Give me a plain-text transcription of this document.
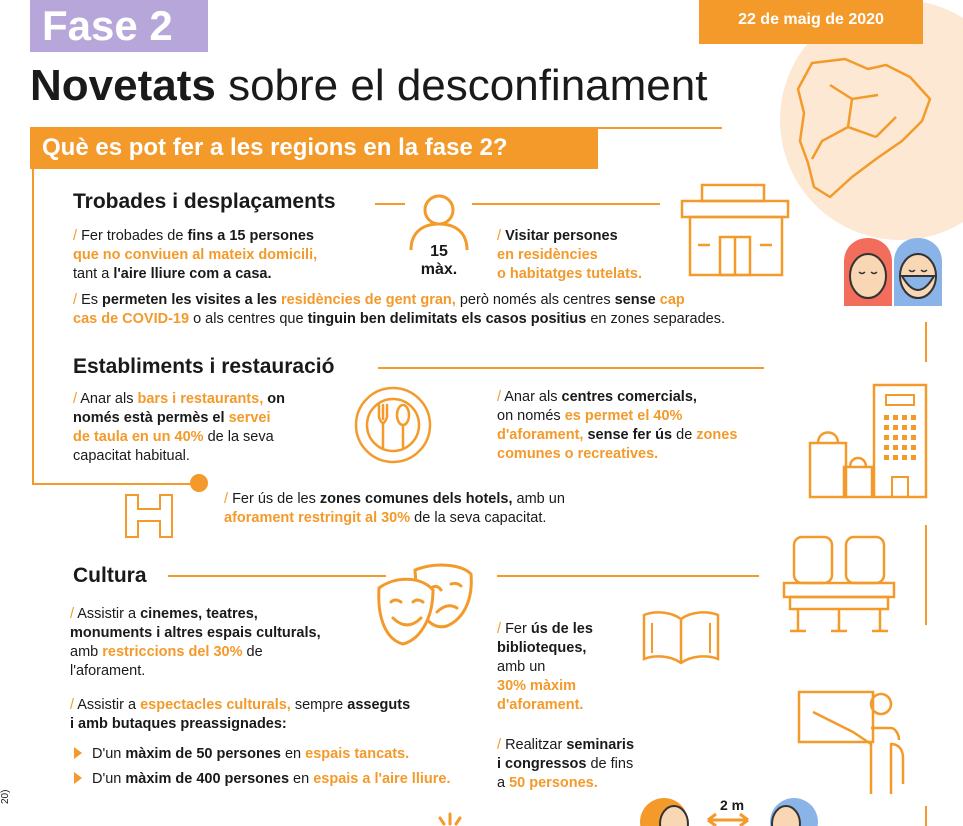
Fase 2	22 de maig de 2020
Novetats sobre el desconfinament
Què es pot fer a les regions en la fase 2?
Trobades i desplaçaments
15
màx.
/ Fer trobades de fins a 15 persones
que no conviuen al mateix domicili,
tant a l'aire lliure com a casa.
/ Visitar persones
en residències
o habitatges tutelats.
/ Es permeten les visites a les residències de gent gran, però només als centres sense cap
cas de COVID-19 o als centres que tinguin ben delimitats els casos positius en zones separades.
Establiments i restauració
/ Anar als bars i restaurants, on
només està permès el servei
de taula en un 40% de la seva
capacitat habitual.
/ Anar als centres comercials,
on només es permet el 40%
d'aforament, sense fer ús de zones
comunes o recreatives.
/ Fer ús de les zones comunes dels hotels, amb un
aforament restringit al 30% de la seva capacitat.
Cultura
/ Assistir a cinemes, teatres,
monuments i altres espais culturals,
amb restriccions del 30% de
l'aforament.
/ Assistir a espectacles culturals, sempre asseguts
i amb butaques preassignades:
D'un màxim de 50 persones en espais tancats.
D'un màxim de 400 persones en espais a l'aire lliure.
/ Fer ús de les
biblioteques,
amb un
30% màxim
d'aforament.
/ Realitzar seminaris
i congressos de fins
a 50 persones.
2 m
20)
